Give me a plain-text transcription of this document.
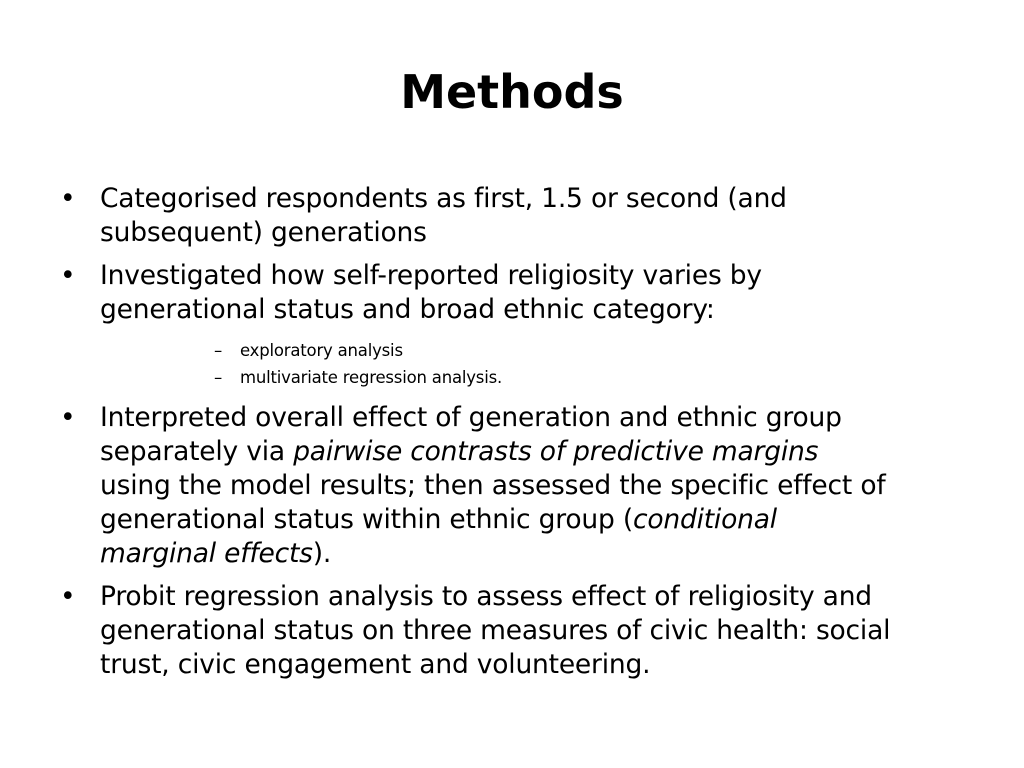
Methods
• Categorised respondents as first, 1.5 or second (and
subsequent) generations
• Investigated how self-reported religiosity varies by
generational status and broad ethnic category:
– exploratory analysis
– multivariate regression analysis.
• Interpreted overall effect of generation and ethnic group
separately via pairwise contrasts of predictive margins
using the model results; then assessed the specific effect of
generational status within ethnic group (conditional
marginal effects).
• Probit regression analysis to assess effect of religiosity and
generational status on three measures of civic health: social
trust, civic engagement and volunteering.
